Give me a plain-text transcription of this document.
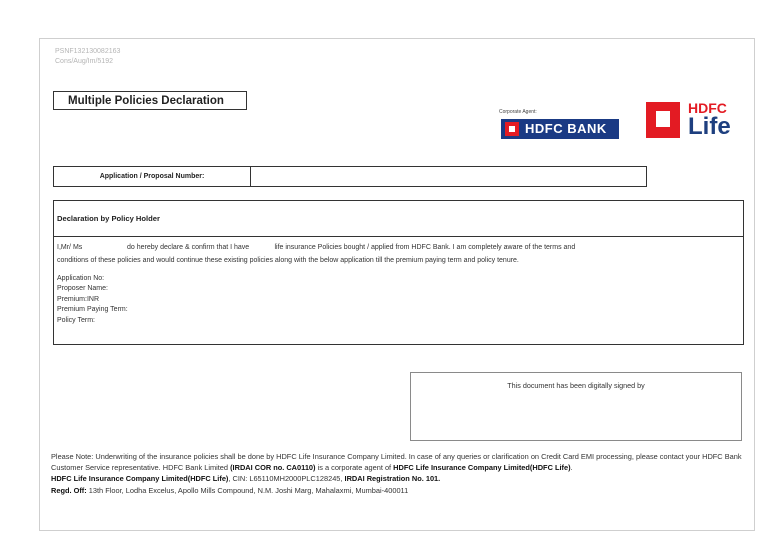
PSNF132130082163
Cons/Aug/Im/5192
Multiple Policies Declaration
Corporate Agent:
HDFC BANK
HDFC
Life
Application / Proposal Number:
Declaration by Policy Holder
I,Mr/ Ms                       do hereby declare & confirm that I have             life insurance Policies bought / applied from HDFC Bank. I am completely aware of the terms and
conditions of these policies and would continue these existing policies along with the below application till the premium paying term and policy tenure.
Application No:
Proposer Name:
Premium:INR
Premium Paying Term:
Policy Term:
This document has been digitally signed by
Please Note: Underwriting of the insurance policies shall be done by HDFC Life Insurance Company Limited. In case of any queries or clarification on Credit Card EMI processing, please contact your HDFC Bank Customer Service representative. HDFC Bank Limited (IRDAI COR no. CA0110) is a corporate agent of HDFC Life Insurance Company Limited(HDFC Life).
HDFC Life Insurance Company Limited(HDFC Life), CIN: L65110MH2000PLC128245, IRDAI Registration No. 101.
Regd. Off: 13th Floor, Lodha Excelus, Apollo Mills Compound, N.M. Joshi Marg, Mahalaxmi, Mumbai-400011
